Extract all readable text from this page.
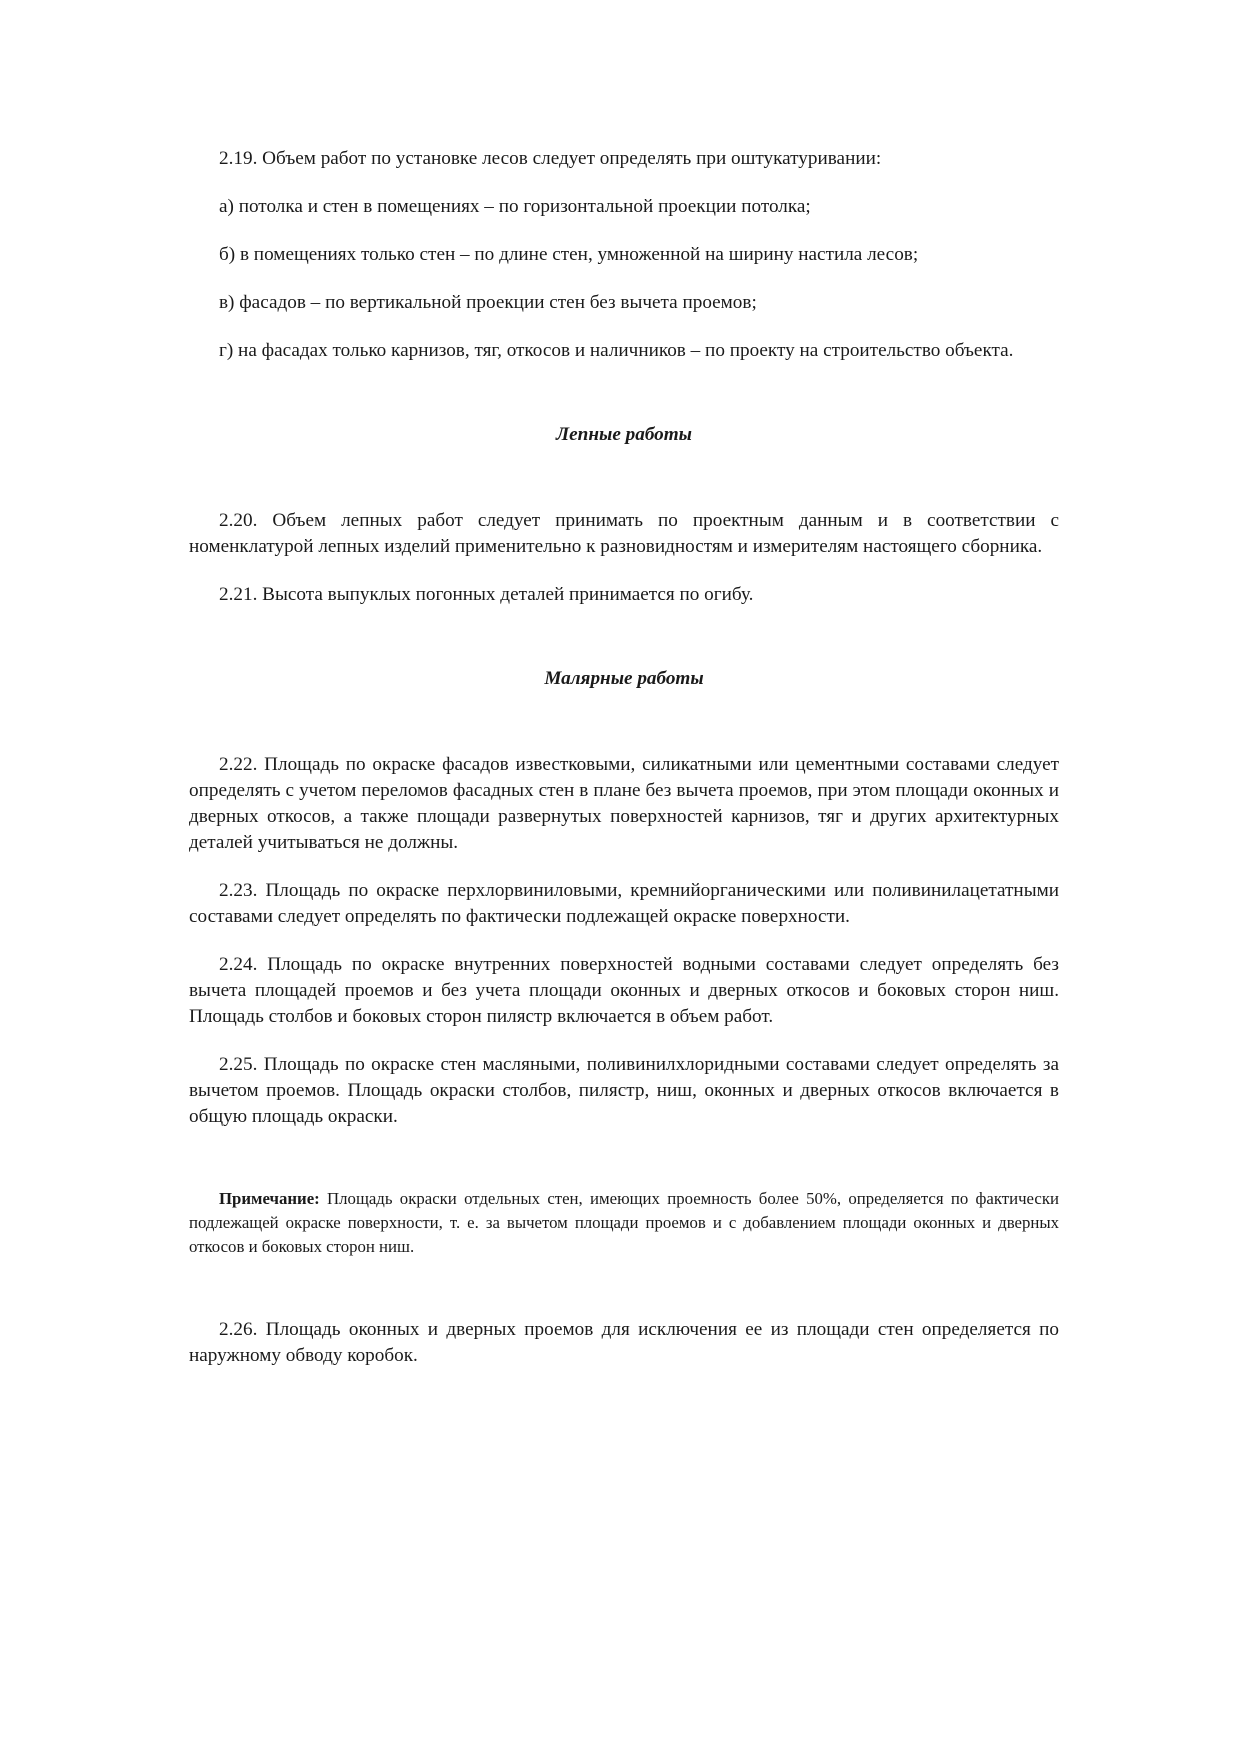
2.19. Объем работ по установке лесов следует определять при оштукатуривании:

а) потолка и стен в помещениях – по горизонтальной проекции потолка;

б) в помещениях только стен – по длине стен, умноженной на ширину настила лесов;

в) фасадов – по вертикальной проекции стен без вычета проемов;

г) на фасадах только карнизов, тяг, откосов и наличников – по проекту на строительство объекта.

Лепные работы

2.20. Объем лепных работ следует принимать по проектным данным и в соответствии с номенклатурой лепных изделий применительно к разновидностям и измерителям настоящего сборника.

2.21. Высота выпуклых погонных деталей принимается по огибу.

Малярные работы

2.22. Площадь по окраске фасадов известковыми, силикатными или цементными составами следует определять с учетом переломов фасадных стен в плане без вычета проемов, при этом площади оконных и дверных откосов, а также площади развернутых поверхностей карнизов, тяг и других архитектурных деталей учитываться не должны.

2.23. Площадь по окраске перхлорвиниловыми, кремнийорганическими или поливинилацетатными составами следует определять по фактически подлежащей окраске поверхности.

2.24. Площадь по окраске внутренних поверхностей водными составами следует определять без вычета площадей проемов и без учета площади оконных и дверных откосов и боковых сторон ниш. Площадь столбов и боковых сторон пилястр включается в объем работ.

2.25. Площадь по окраске стен масляными, поливинилхлоридными составами следует определять за вычетом проемов. Площадь окраски столбов, пилястр, ниш, оконных и дверных откосов включается в общую площадь окраски.

Примечание: Площадь окраски отдельных стен, имеющих проемность более 50%, определяется по фактически подлежащей окраске поверхности, т. е. за вычетом площади проемов и с добавлением площади оконных и дверных откосов и боковых сторон ниш.

2.26. Площадь оконных и дверных проемов для исключения ее из площади стен определяется по наружному обводу коробок.
